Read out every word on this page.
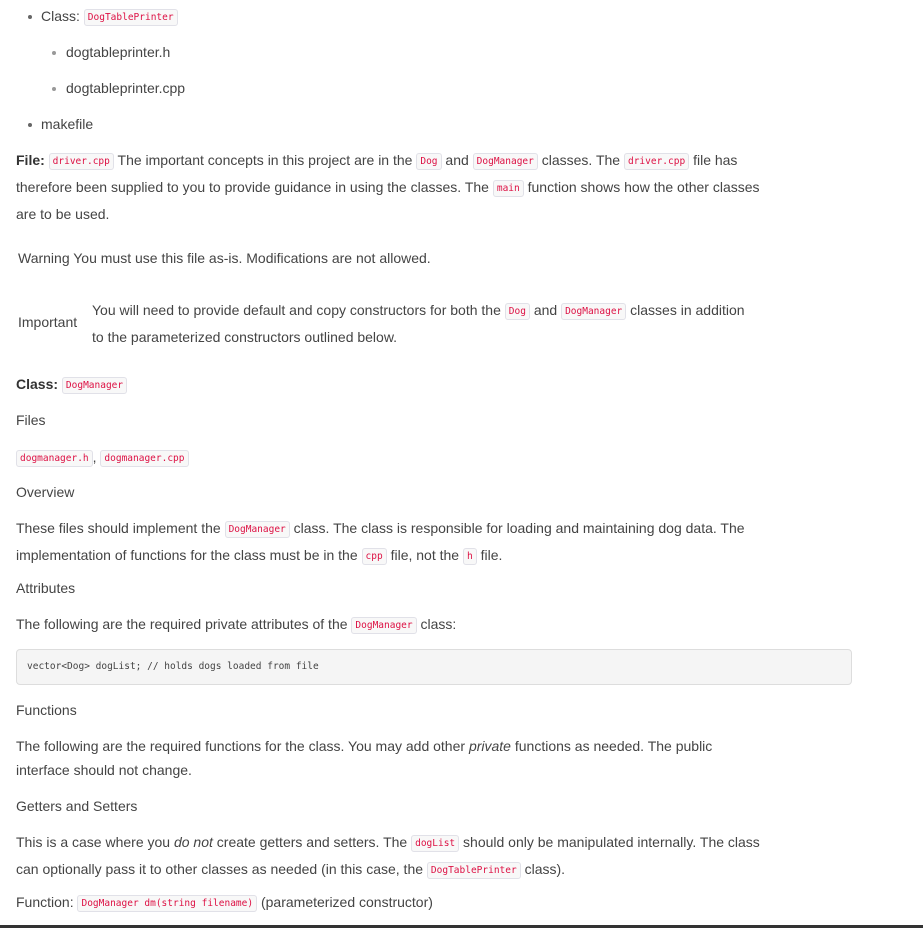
Class: DogTablePrinter
dogtableprinter.h
dogtableprinter.cpp
makefile
File: driver.cpp The important concepts in this project are in the Dog and DogManager classes. The driver.cpp file has
therefore been supplied to you to provide guidance in using the classes. The main function shows how the other classes
are to be used.
Warning You must use this file as-is. Modifications are not allowed.
Important
You will need to provide default and copy constructors for both the Dog and DogManager classes in addition
to the parameterized constructors outlined below.
Class: DogManager
Files
dogmanager.h , dogmanager.cpp
Overview
These files should implement the DogManager class. The class is responsible for loading and maintaining dog data. The
implementation of functions for the class must be in the cpp file, not the h file.
Attributes
The following are the required private attributes of the DogManager class:
vector<Dog> dogList; // holds dogs loaded from file
Functions
The following are the required functions for the class. You may add other private functions as needed. The public
interface should not change.
Getters and Setters
This is a case where you do not create getters and setters. The dogList should only be manipulated internally. The class
can optionally pass it to other classes as needed (in this case, the DogTablePrinter class).
Function: DogManager dm(string filename) (parameterized constructor)
